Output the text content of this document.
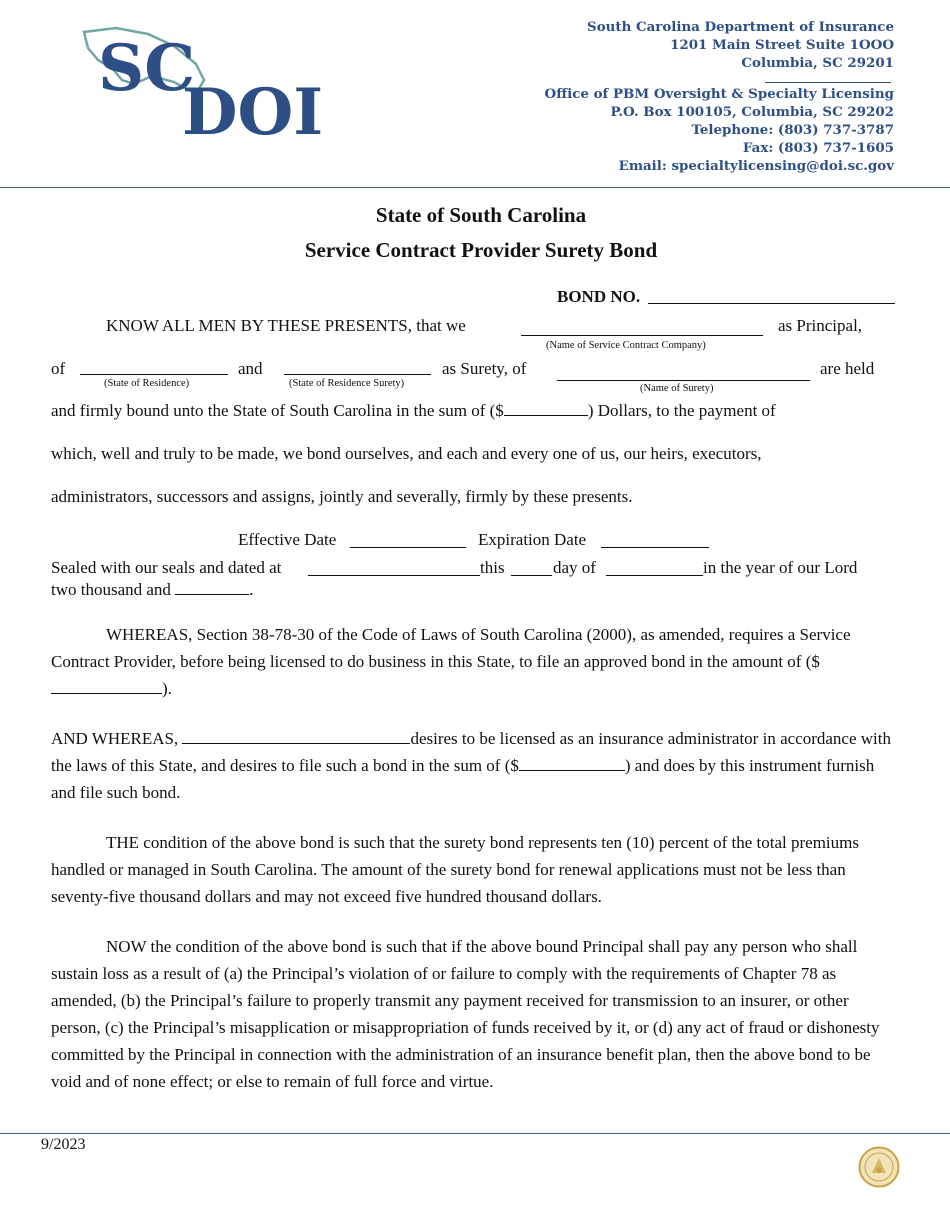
SC
DOI
South Carolina Department of Insurance
1201 Main Street Suite 1OOO
Columbia, SC 29201
Office of PBM Oversight & Specialty Licensing
P.O. Box 100105, Columbia, SC 29202
Telephone: (803) 737-3787
Fax: (803) 737-1605
Email: specialtylicensing@doi.sc.gov
State of South Carolina
Service Contract Provider Surety Bond
BOND NO.
KNOW ALL MEN BY THESE PRESENTS, that we	as Principal,
(Name of Service Contract Company)
of
(State of Residence)
and
(State of Residence Surety)
as Surety, of
(Name of Surety)
are held
and firmly bound unto the State of South Carolina in the sum of ($	) Dollars, to the payment of
which, well and truly to be made, we bond ourselves, and each and every one of us, our heirs, executors,
administrators, successors and assigns, jointly and severally, firmly by these presents.
Effective Date	Expiration Date
Sealed with our seals and dated at	this	day of	in the year of our Lord
two thousand and	.

WHEREAS, Section 38-78-30 of the Code of Laws of South Carolina (2000), as amended, requires a Service Contract Provider, before being licensed to do business in this State, to file an approved bond in the amount of ($).

AND WHEREAS,	desires to be licensed as an insurance administrator in accordance with the laws of this State, and desires to file such a bond in the sum of ($	) and does by this instrument furnish and file such bond.

THE condition of the above bond is such that the surety bond represents ten (10) percent of the total premiums handled or managed in South Carolina. The amount of the surety bond for renewal applications must not be less than seventy-five thousand dollars and may not exceed five hundred thousand dollars.

NOW the condition of the above bond is such that if the above bound Principal shall pay any person who shall sustain loss as a result of (a) the Principal’s violation of or failure to comply with the requirements of Chapter 78 as amended, (b) the Principal’s failure to properly transmit any payment received for transmission to an insurer, or other person, (c) the Principal’s misapplication or misappropriation of funds received by it, or (d) any act of fraud or dishonesty committed by the Principal in connection with the administration of an insurance benefit plan, then the above bond to be void and of none effect; or else to remain of full force and virtue.

9/2023
